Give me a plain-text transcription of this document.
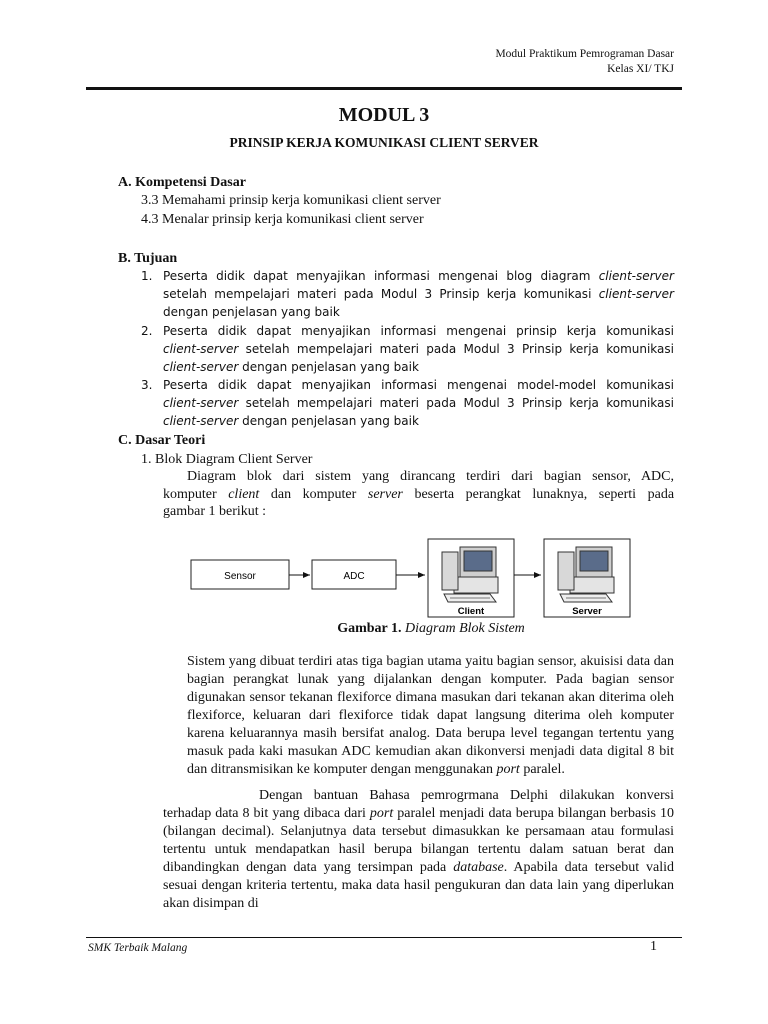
Modul Praktikum Pemrograman Dasar
Kelas XI/ TKJ
MODUL 3
PRINSIP KERJA KOMUNIKASI CLIENT SERVER
A. Kompetensi Dasar
3.3 Memahami prinsip kerja komunikasi client server
4.3 Menalar prinsip kerja komunikasi client server
B. Tujuan
1. Peserta didik dapat menyajikan informasi mengenai blog diagram client-server
setelah mempelajari materi pada Modul 3 Prinsip kerja komunikasi client-server
dengan penjelasan yang baik
2. Peserta didik dapat menyajikan informasi mengenai prinsip kerja komunikasi
client-server setelah mempelajari materi pada Modul 3 Prinsip kerja komunikasi
client-server dengan penjelasan yang baik
3. Peserta didik dapat menyajikan informasi mengenai model-model komunikasi
client-server setelah mempelajari materi pada Modul 3 Prinsip kerja komunikasi
client-server dengan penjelasan yang baik
C. Dasar Teori
1. Blok Diagram Client Server
Diagram blok dari sistem yang dirancang terdiri dari bagian sensor, ADC,
komputer client dan komputer server beserta perangkat lunaknya, seperti pada
gambar 1 berikut :
Sensor	ADC
Client	Server
Gambar 1. Diagram Blok Sistem

Sistem yang dibuat terdiri atas tiga bagian utama yaitu bagian sensor, akuisisi data dan bagian perangkat lunak yang dijalankan dengan komputer. Pada bagian sensor digunakan sensor tekanan flexiforce dimana masukan dari tekanan akan diterima oleh flexiforce, keluaran dari flexiforce tidak dapat langsung diterima oleh komputer karena keluarannya masih bersifat analog. Data berupa level tegangan tertentu yang masuk pada kaki masukan ADC kemudian akan dikonversi menjadi data digital 8 bit dan ditransmisikan ke komputer dengan menggunakan port paralel.

Dengan bantuan Bahasa pemrogrmana Delphi dilakukan konversi terhadap data 8 bit yang dibaca dari port paralel menjadi data berupa bilangan berbasis 10 (bilangan decimal). Selanjutnya data tersebut dimasukkan ke persamaan atau formulasi tertentu untuk mendapatkan hasil berupa bilangan tertentu dalam satuan berat dan dibandingkan dengan data yang tersimpan pada database. Apabila data tersebut valid sesuai dengan kriteria tertentu, maka data hasil pengukuran dan data lain yang diperlukan akan disimpan di

SMK Terbaik Malang	1
